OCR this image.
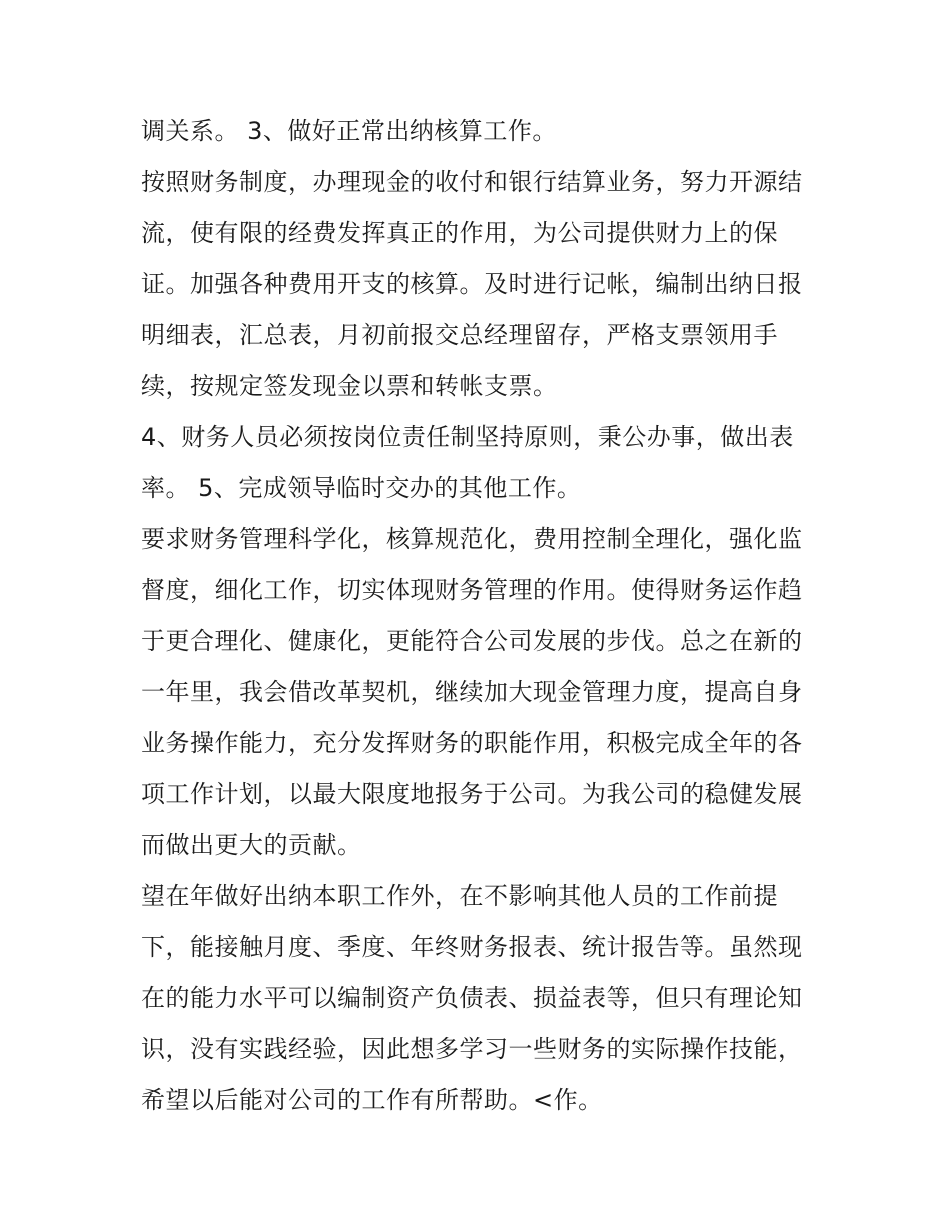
调关系。 3、做好正常出纳核算工作。
按照财务制度，办理现金的收付和银行结算业务，努力开源结
流，使有限的经费发挥真正的作用，为公司提供财力上的保
证。加强各种费用开支的核算。及时进行记帐，编制出纳日报
明细表，汇总表，月初前报交总经理留存，严格支票领用手
续，按规定签发现金以票和转帐支票。
4、财务人员必须按岗位责任制坚持原则，秉公办事，做出表
率。 5、完成领导临时交办的其他工作。
要求财务管理科学化，核算规范化，费用控制全理化，强化监
督度，细化工作，切实体现财务管理的作用。使得财务运作趋
于更合理化、健康化，更能符合公司发展的步伐。总之在新的
一年里，我会借改革契机，继续加大现金管理力度，提高自身
业务操作能力，充分发挥财务的职能作用，积极完成全年的各
项工作计划，以最大限度地报务于公司。为我公司的稳健发展
而做出更大的贡献。
望在年做好出纳本职工作外，在不影响其他人员的工作前提
下，能接触月度、季度、年终财务报表、统计报告等。虽然现
在的能力水平可以编制资产负债表、损益表等，但只有理论知
识，没有实践经验，因此想多学习一些财务的实际操作技能，
希望以后能对公司的工作有所帮助。<作。
